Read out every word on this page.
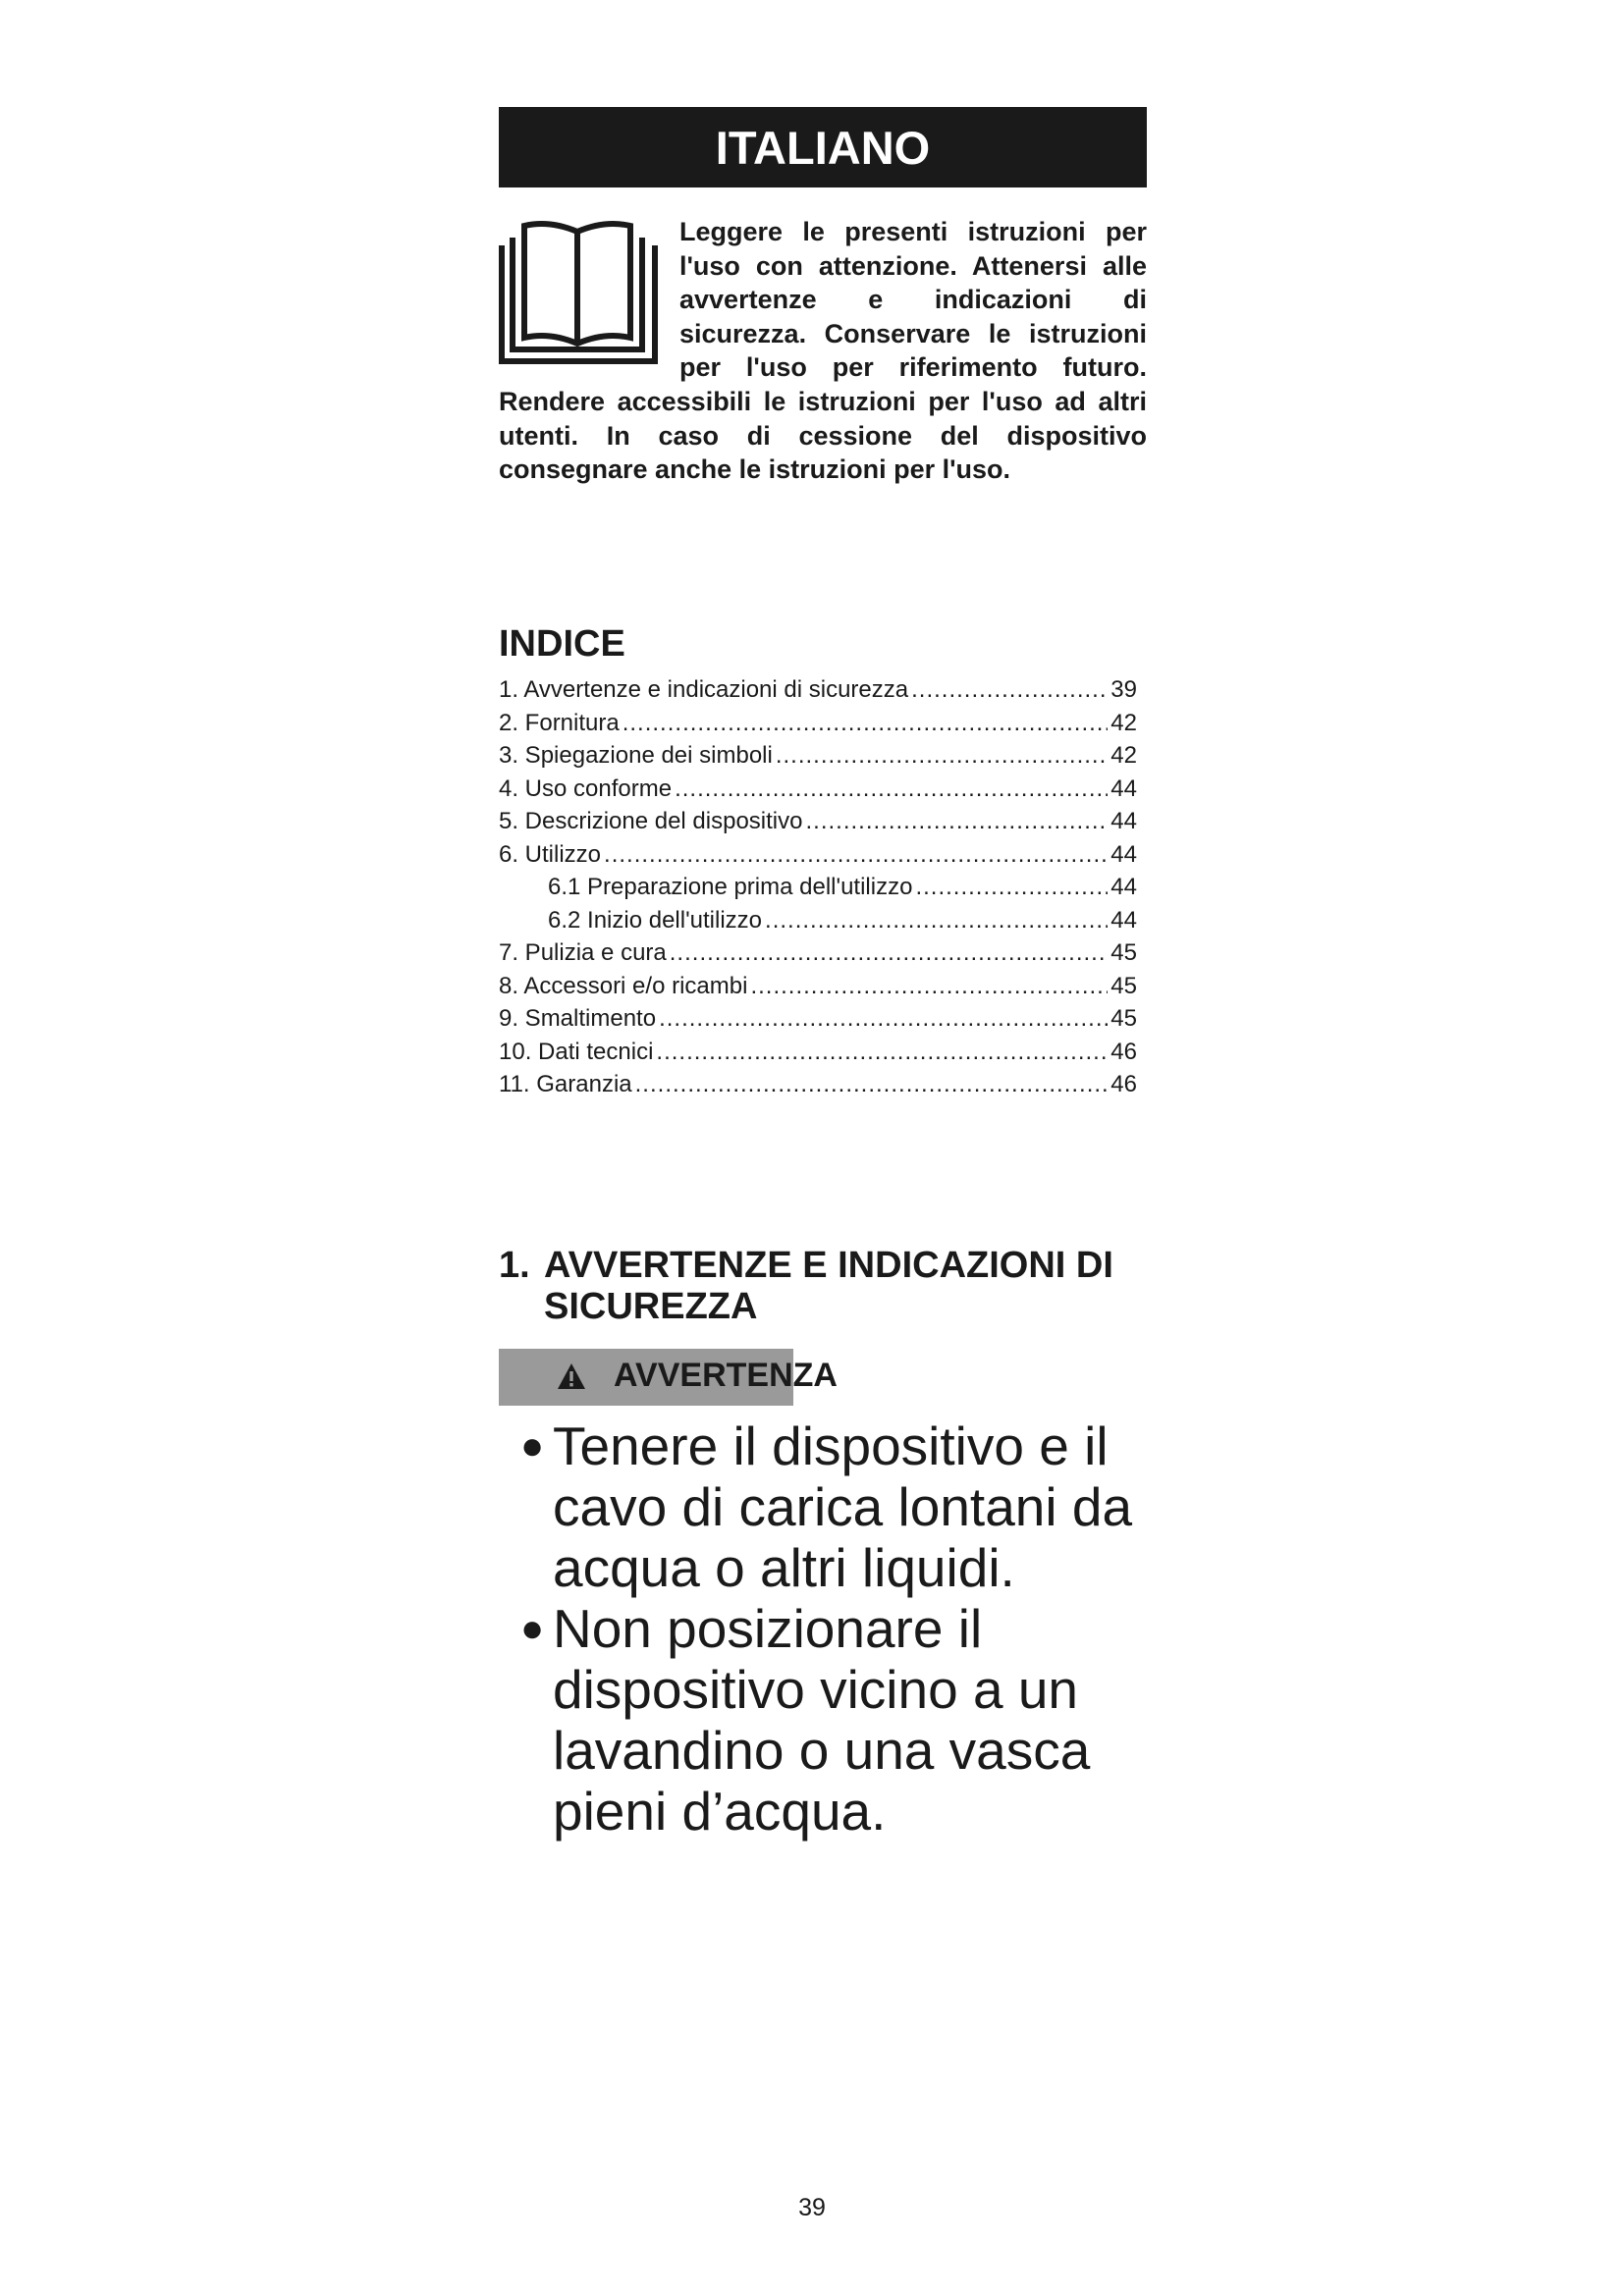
ITALIANO

Leggere le presenti istruzioni per l'uso con attenzione. Attenersi alle avvertenze e indicazioni di sicurezza. Conservare le istruzioni per l'uso per riferimento futuro. Rendere accessibili le istruzioni per l'uso ad altri utenti. In caso di cessione del dispositivo consegnare anche le istruzioni per l'uso.

INDICE
1. Avvertenze e indicazioni di sicurezza .....	39
2. Fornitura .....	42
3. Spiegazione dei simboli .....	42
4. Uso conforme .....	44
5. Descrizione del dispositivo .....	44
6. Utilizzo .....	44
6.1 Preparazione prima dell'utilizzo .....	44
6.2 Inizio dell'utilizzo .....	44
7. Pulizia e cura .....	45
8. Accessori e/o ricambi .....	45
9. Smaltimento .....	45
10. Dati tecnici .....	46
11. Garanzia .....	46
1. AVVERTENZE E INDICAZIONI DI
SICUREZZA
AVVERTENZA
● Tenere il dispositivo e il cavo di carica lontani da acqua o altri liquidi.
● Non posizionare il dispositivo vicino a un lavandino o una vasca pieni d’acqua.
39
